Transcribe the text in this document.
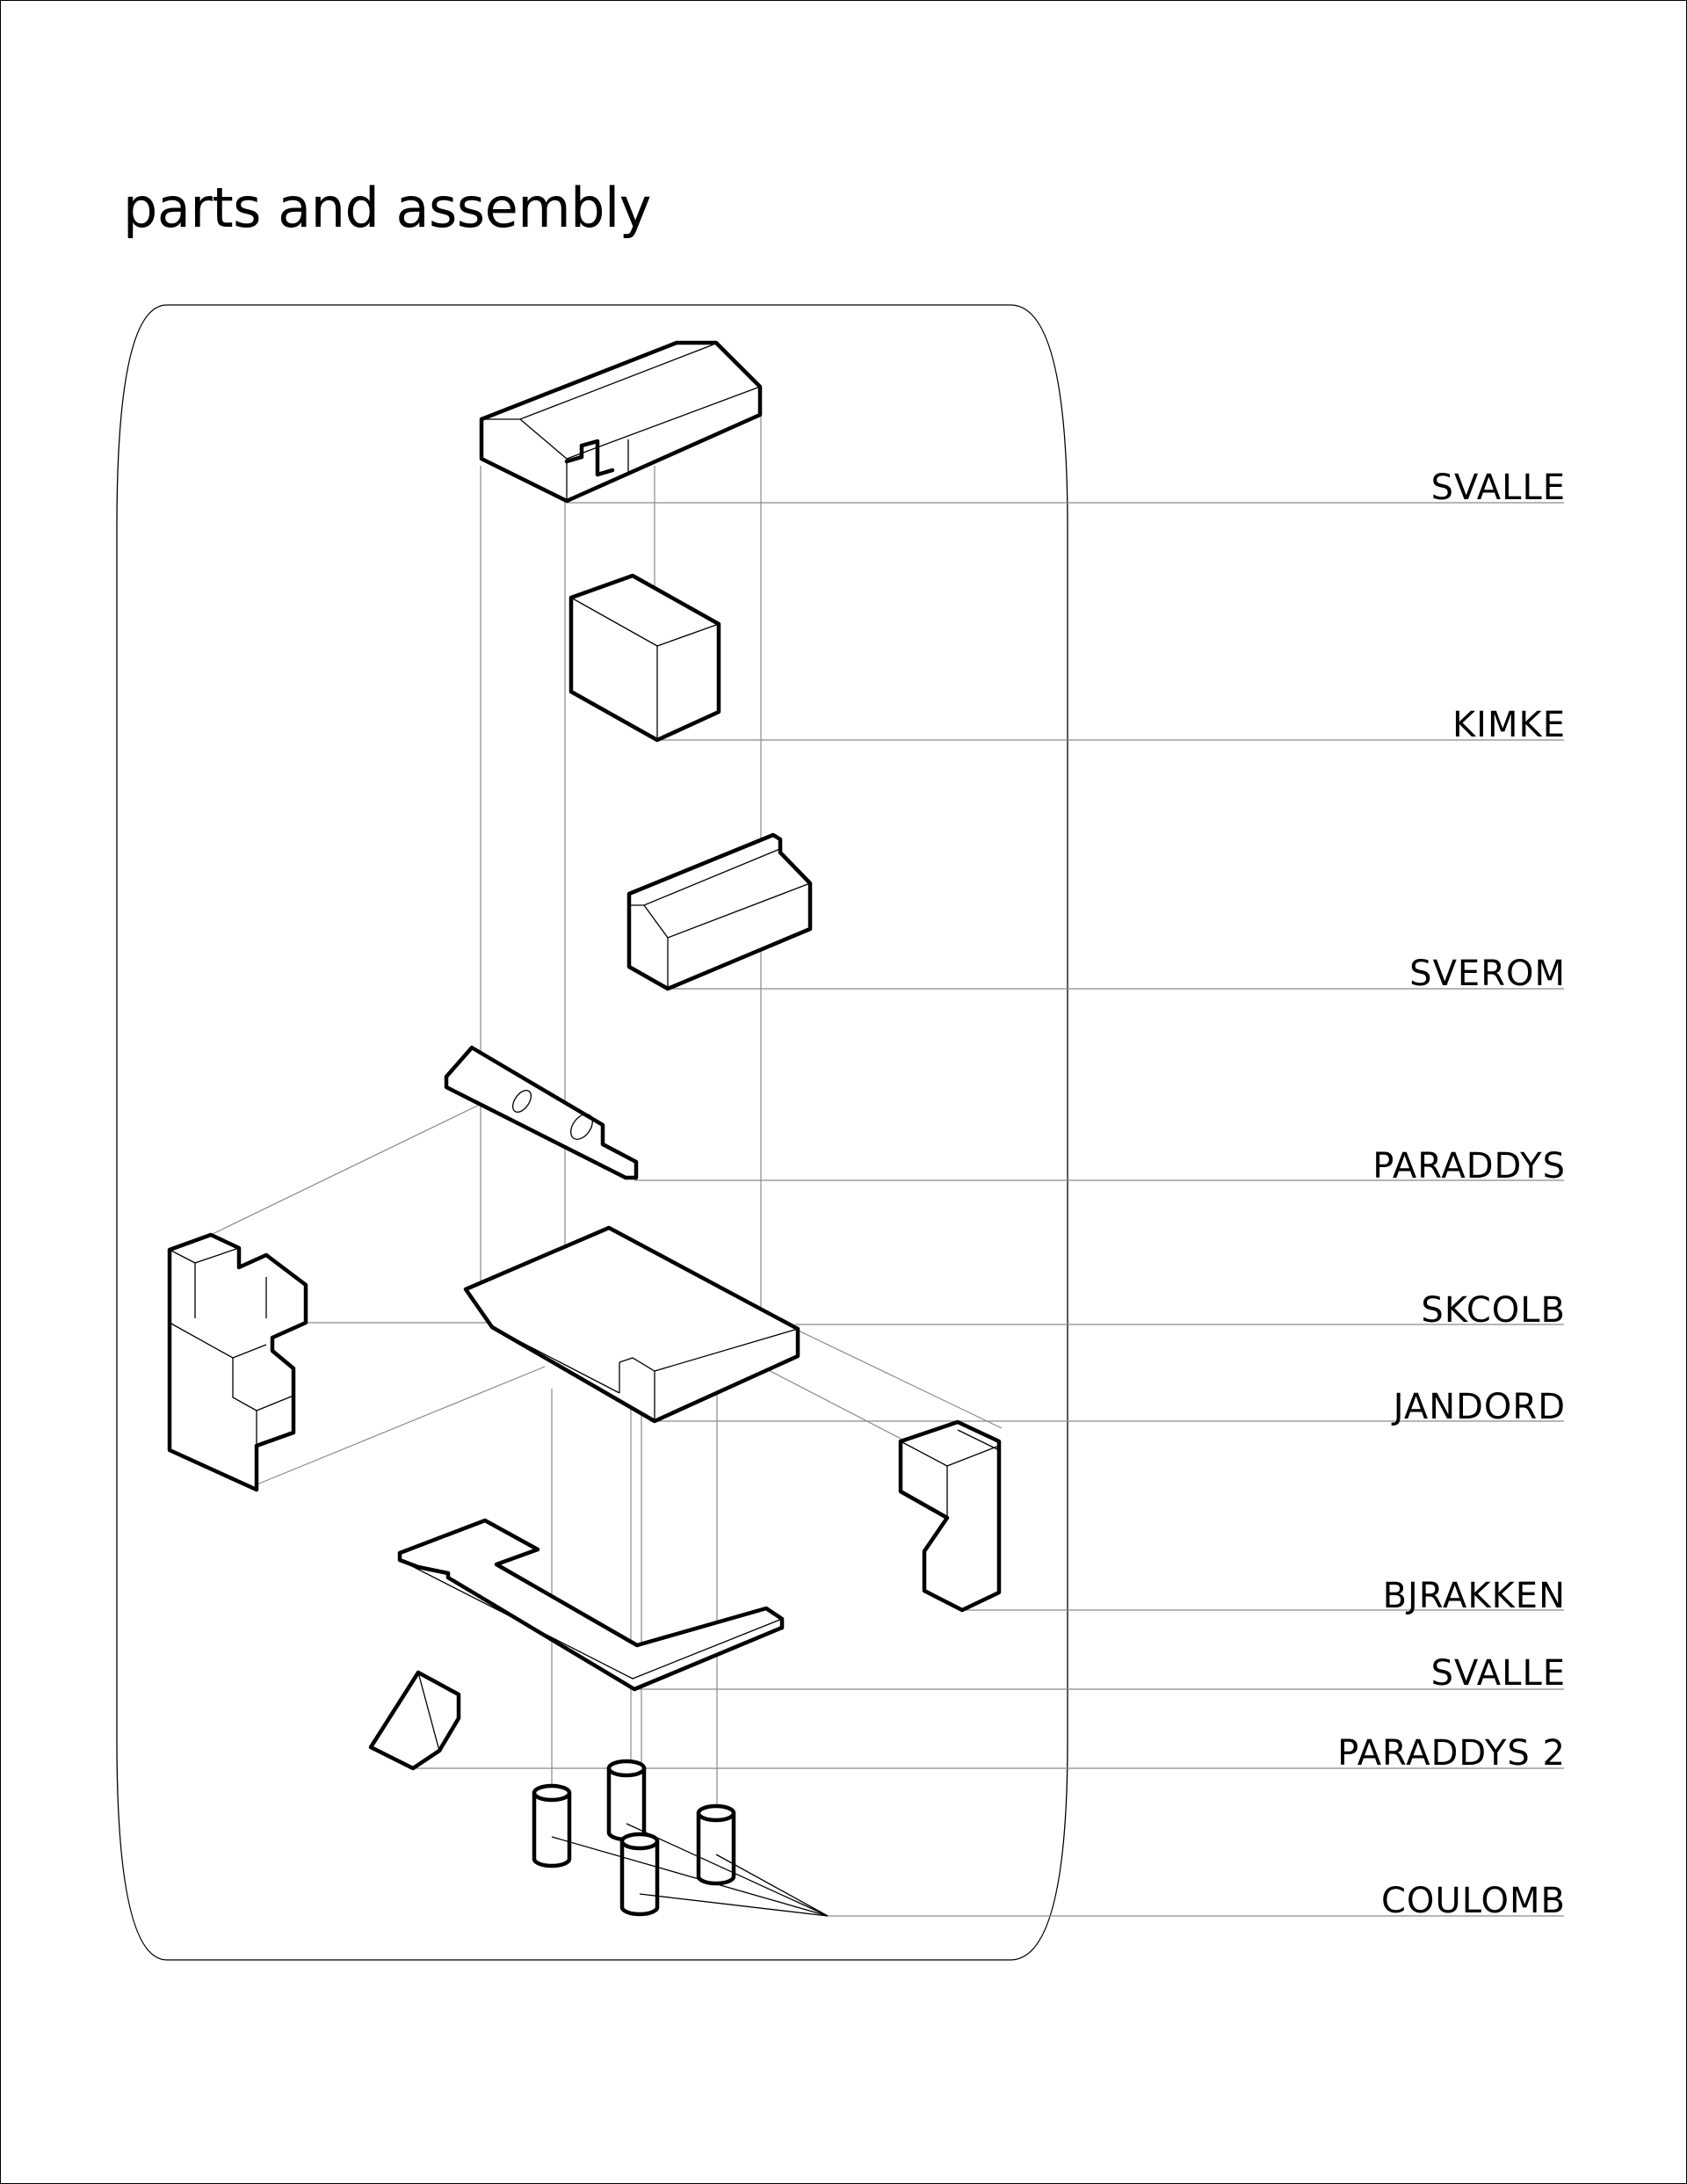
parts and assembly
SVALLE
KIMKE
SVEROM
PARADDYS
SKCOLB
JANDORD
BJRAKKEN
SVALLE
PARADDYS 2
COULOMB
